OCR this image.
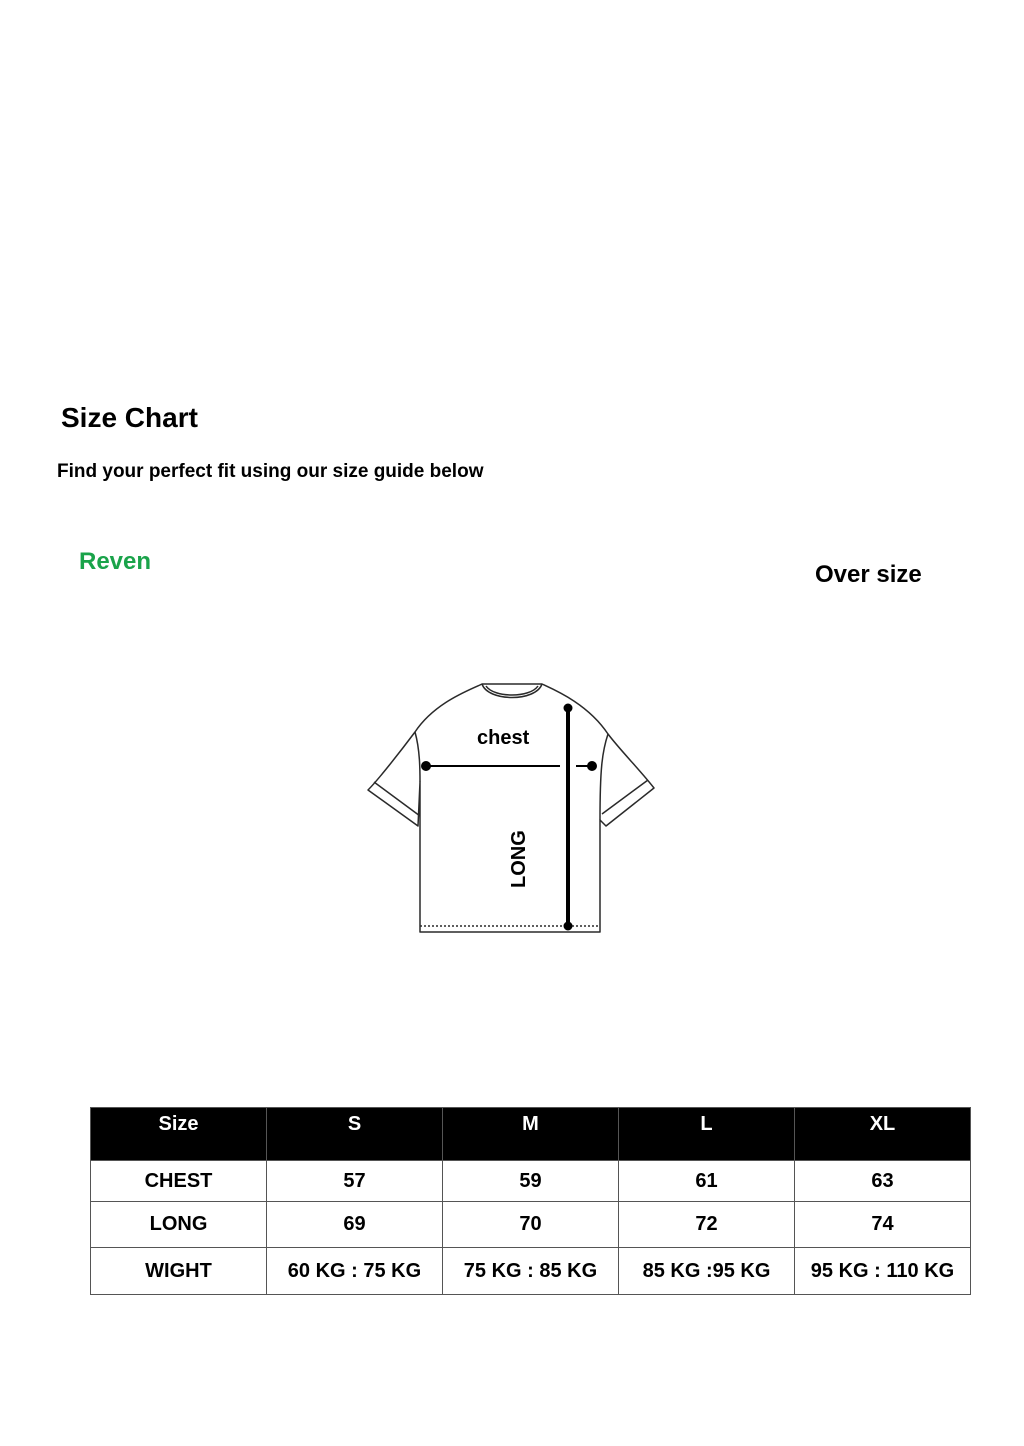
Size Chart
Find your perfect fit using our size guide below
Reven	Over size
chest
LONG
Size	S	M	L	XL
CHEST	57	59	61	63
LONG	69	70	72	74
WIGHT	60 KG : 75 KG	75 KG : 85 KG	85 KG :95 KG	95 KG : 110 KG
